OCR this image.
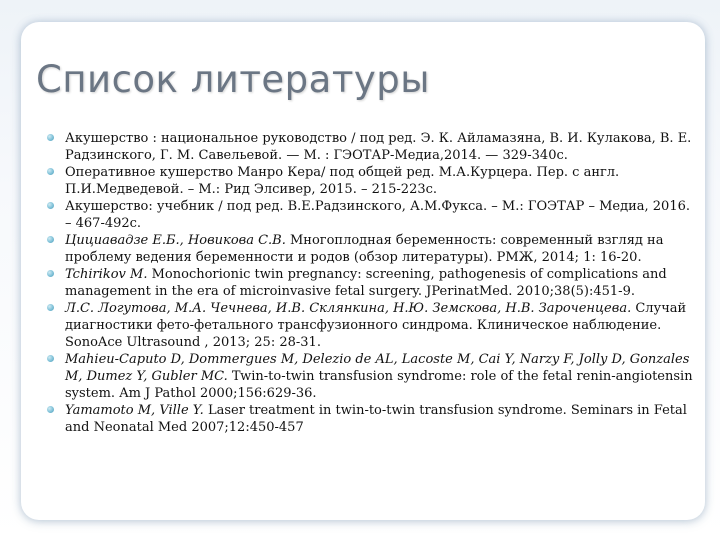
Список литературы
Акушерство : национальное руководство / под ред. Э. К. Айламазяна, В. И. Кулакова, В. Е. Радзинского, Г. М. Савельевой. — М. : ГЭОТАР-Медиа,2014. — 329-340с.
Оперативное кушерство Манро Кера/ под общей ред. М.А.Курцера. Пер. с англ. П.И.Медведевой. – М.: Рид Элсивер, 2015. – 215-223с.
Акушерство: учебник / под ред. В.Е.Радзинского, А.М.Фукса. – М.: ГОЭТАР – Медиа, 2016. – 467-492с.
Цициавадзе Е.Б., Новикова С.В. Многоплодная беременность: современный взгляд на проблему ведения беременности и родов (обзор литературы). РМЖ, 2014; 1: 16-20.
Tchirikov M. Monochorionic twin pregnancy: screening, pathogenesis of complications and management in the era of microinvasive fetal surgery. JPerinatMed. 2010;38(5):451-9.
Л.С. Логутова, М.А. Чечнева, И.В. Склянкина, Н.Ю. Земскова, Н.В. Зароченцева. Случай диагностики фето-фетального трансфузионного синдрома. Клиническое наблюдение. SonoAce Ultrasound , 2013; 25: 28-31.
Mahieu-Caputo D, Dommergues M, Delezio de AL, Lacoste M, Cai Y, Narzy F, Jolly D, Gonzales M, Dumez Y, Gubler MC. Twin-to-twin transfusion syndrome: role of the fetal renin-angiotensin system. Am J Pathol 2000;156:629-36.
Yamamoto M, Ville Y. Laser treatment in twin-to-twin transfusion syndrome. Seminars in Fetal and Neonatal Med 2007;12:450-457
